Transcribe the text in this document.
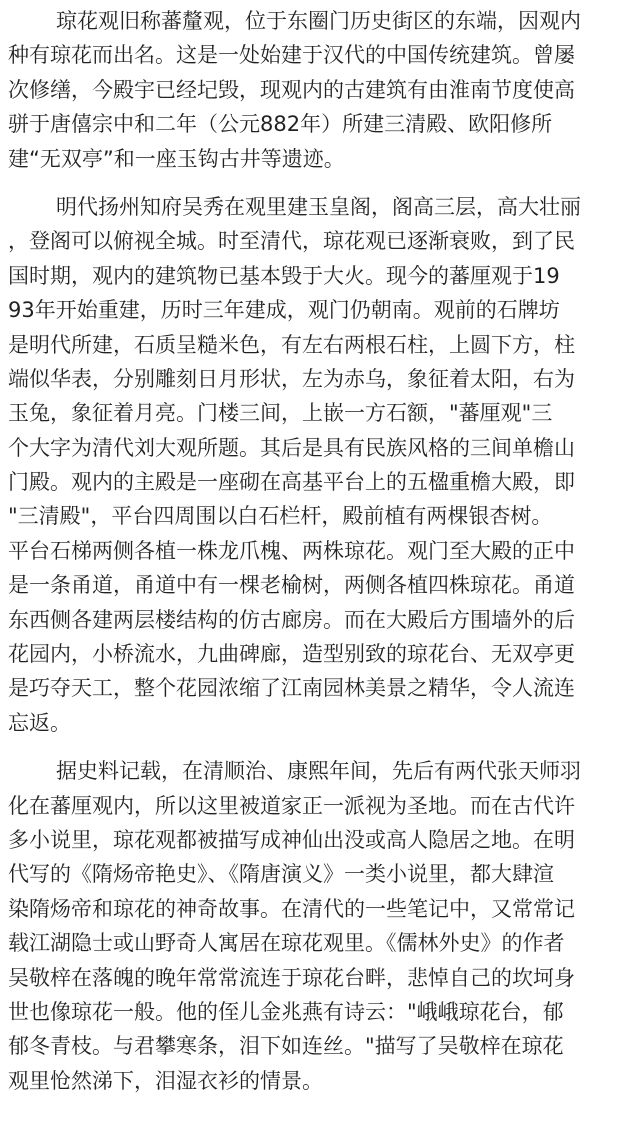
琼花观旧称蕃釐观，位于东圈门历史街区的东端，因观内
种有琼花而出名。这是一处始建于汉代的中国传统建筑。曾屡
次修缮，今殿宇已经圮毁，现观内的古建筑有由淮南节度使高
骈于唐僖宗中和二年（公元882年）所建三清殿、欧阳修所
建“无双亭”和一座玉钩古井等遗迹。
明代扬州知府吴秀在观里建玉皇阁，阁高三层，高大壮丽
，登阁可以俯视全城。时至清代，琼花观已逐渐衰败，到了民
国时期，观内的建筑物已基本毁于大火。现今的蕃厘观于19
93年开始重建，历时三年建成，观门仍朝南。观前的石牌坊
是明代所建，石质呈糙米色，有左右两根石柱，上圆下方，柱
端似华表，分别雕刻日月形状，左为赤乌，象征着太阳，右为
玉兔，象征着月亮。门楼三间，上嵌一方石额，"蕃厘观"三
个大字为清代刘大观所题。其后是具有民族风格的三间单檐山
门殿。观内的主殿是一座砌在高基平台上的五楹重檐大殿，即
"三清殿"，平台四周围以白石栏杆，殿前植有两棵银杏树。
平台石梯两侧各植一株龙爪槐、两株琼花。观门至大殿的正中
是一条甬道，甬道中有一棵老榆树，两侧各植四株琼花。甬道
东西侧各建两层楼结构的仿古廊房。而在大殿后方围墙外的后
花园内，小桥流水，九曲碑廊，造型别致的琼花台、无双亭更
是巧夺天工，整个花园浓缩了江南园林美景之精华，令人流连
忘返。
据史料记载，在清顺治、康熙年间，先后有两代张天师羽
化在蕃厘观内，所以这里被道家正一派视为圣地。而在古代许
多小说里，琼花观都被描写成神仙出没或高人隐居之地。在明
代写的《隋炀帝艳史》、《隋唐演义》一类小说里，都大肆渲
染隋炀帝和琼花的神奇故事。在清代的一些笔记中，又常常记
载江湖隐士或山野奇人寓居在琼花观里。《儒林外史》的作者
吴敬梓在落魄的晚年常常流连于琼花台畔，悲悼自己的坎坷身
世也像琼花一般。他的侄儿金兆燕有诗云："峨峨琼花台，郁
郁冬青枝。与君攀寒条，泪下如连丝。"描写了吴敬梓在琼花
观里怆然涕下，泪湿衣衫的情景。
